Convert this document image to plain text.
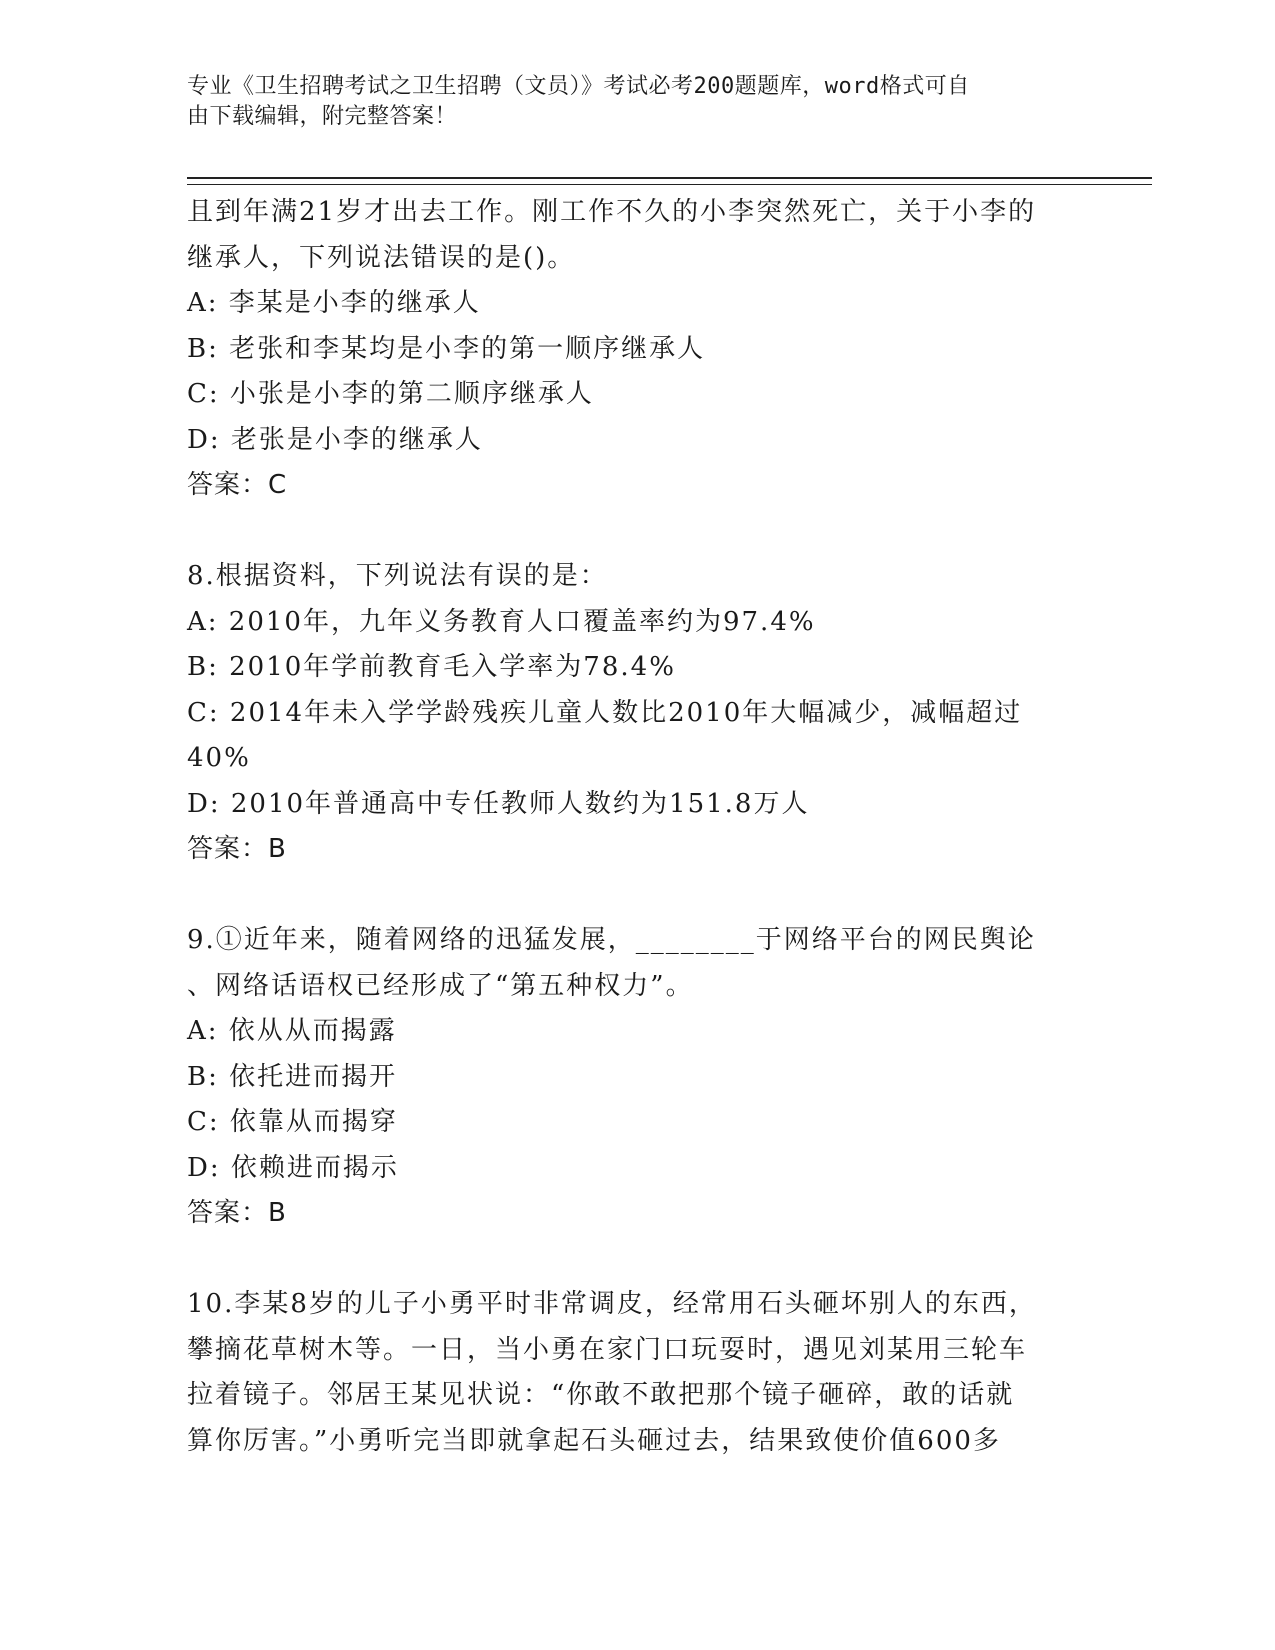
专业《卫生招聘考试之卫生招聘（文员）》考试必考200题题库，word格式可自
由下载编辑，附完整答案！
且到年满21岁才出去工作。刚工作不久的小李突然死亡，关于小李的
继承人，下列说法错误的是()。
A: 李某是小李的继承人
B: 老张和李某均是小李的第一顺序继承人
C: 小张是小李的第二顺序继承人
D: 老张是小李的继承人
答案：C
8.根据资料，下列说法有误的是：
A: 2010年，九年义务教育人口覆盖率约为97.4%
B: 2010年学前教育毛入学率为78.4%
C: 2014年未入学学龄残疾儿童人数比2010年大幅减少，减幅超过
40%
D: 2010年普通高中专任教师人数约为151.8万人
答案：B
9.①近年来，随着网络的迅猛发展，________于网络平台的网民舆论
、网络话语权已经形成了“第五种权力”。
A: 依从从而揭露
B: 依托进而揭开
C: 依靠从而揭穿
D: 依赖进而揭示
答案：B
10.李某8岁的儿子小勇平时非常调皮，经常用石头砸坏别人的东西，
攀摘花草树木等。一日，当小勇在家门口玩耍时，遇见刘某用三轮车
拉着镜子。邻居王某见状说：“你敢不敢把那个镜子砸碎，敢的话就
算你厉害。”小勇听完当即就拿起石头砸过去，结果致使价值600多
